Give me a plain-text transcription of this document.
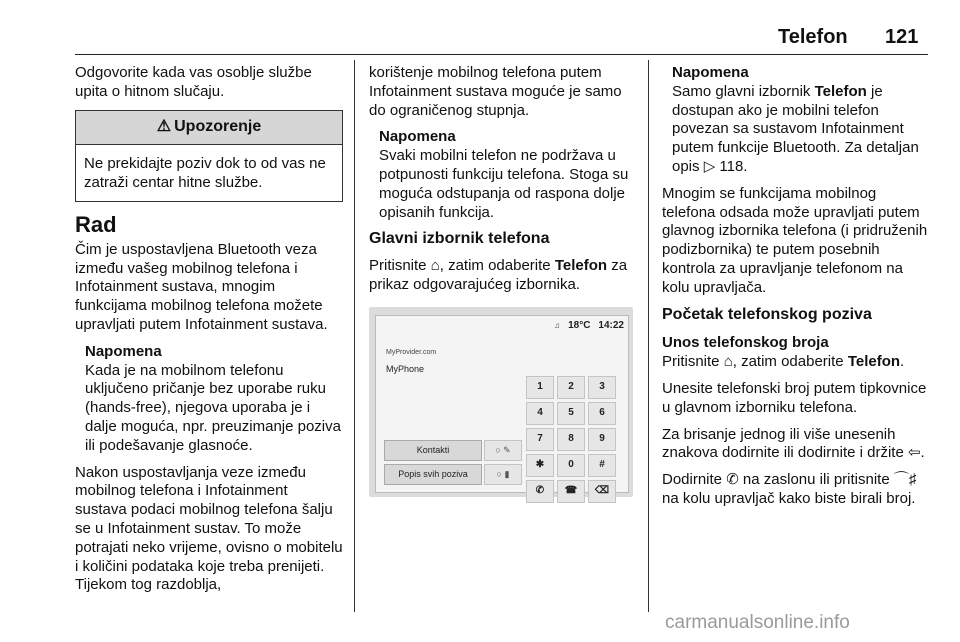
Telefon 121

Odgovorite kada vas osoblje službe upita o hitnom slučaju.

⚠ Upozorenje
Ne prekidajte poziv dok to od vas ne zatraži centar hitne službe.
Rad

Čim je uspostavljena Bluetooth veza između vašeg mobilnog telefona i Infotainment sustava, mnogim funkcijama mobilnog telefona možete upravljati putem Infotainment sustava.

Napomena
Kada je na mobilnom telefonu uključeno pričanje bez uporabe ruku (hands-free), njegova uporaba je i dalje moguća, npr. preuzimanje poziva ili podešavanje glasnoće.

Nakon uspostavljanja veze između mobilnog telefona i Infotainment sustava podaci mobilnog telefona šalju se u Infotainment sustav. To može potrajati neko vrijeme, ovisno o mobitelu i količini podataka koje treba prenijeti. Tijekom tog razdoblja,

korištenje mobilnog telefona putem Infotainment sustava moguće je samo do ograničenog stupnja.

Napomena
Svaki mobilni telefon ne podržava u potpunosti funkciju telefona. Stoga su moguća odstupanja od raspona dolje opisanih funkcija.
Glavni izbornik telefona

Pritisnite ⌂, zatim odaberite Telefon za prikaz odgovarajućeg izbornika.

♫ 18°C 14:22
MyProvider.com
MyPhone
1	2	3
4	5	6
7	8	9
✱	0	#
✆	☎	⌫
Kontakti	○ ✎
Popis svih poziva	○ ▮
Napomena
Samo glavni izbornik Telefon je dostupan ako je mobilni telefon povezan sa sustavom Infotainment putem funkcije Bluetooth. Za detaljan opis ▷ 118.

Mnogim se funkcijama mobilnog telefona odsada može upravljati putem glavnog izbornika telefona (i pridruženih podizbornika) te putem posebnih kontrola za upravljanje telefonom na kolu upravljača.

Početak telefonskog poziva
Unos telefonskog broja

Pritisnite ⌂, zatim odaberite Telefon.

Unesite telefonski broj putem tipkovnice u glavnom izborniku telefona.

Za brisanje jednog ili više unesenih znakova dodirnite ili dodirnite i držite ⇦.

Dodirnite ✆ na zaslonu ili pritisnite ⌒♯ na kolu upravljač kako biste birali broj.

carmanualsonline.info
